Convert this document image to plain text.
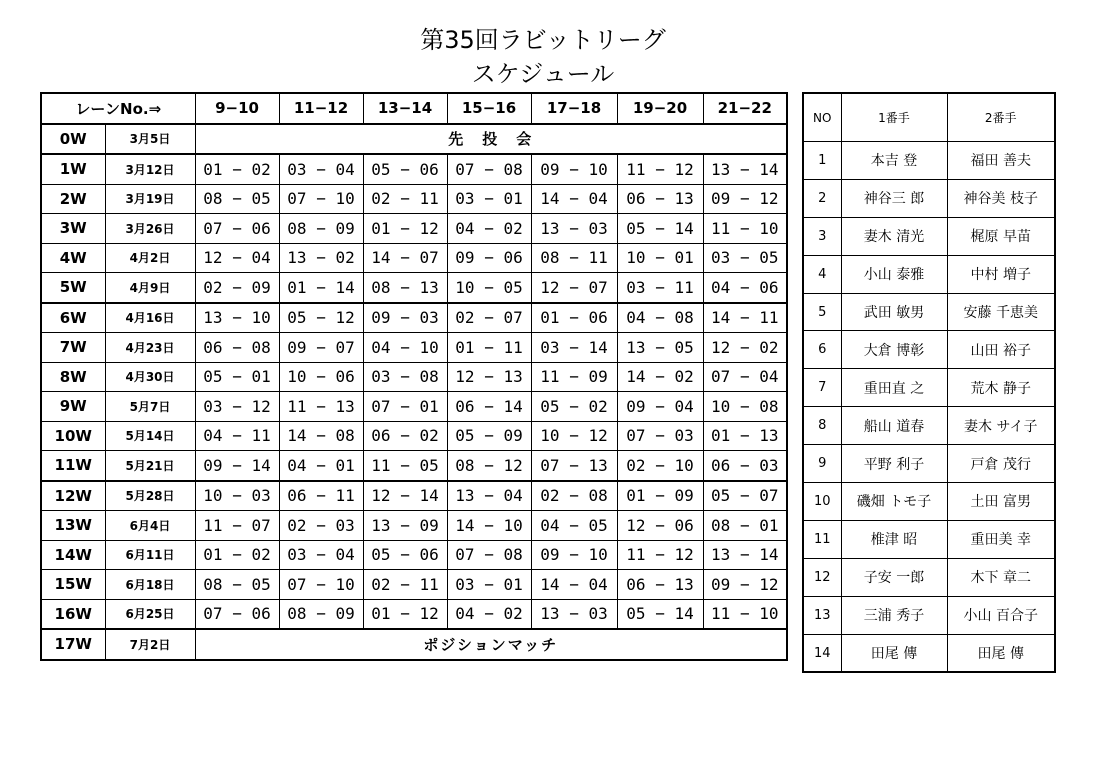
第35回ラビットリーグ
スケジュール
レーンNo.⇒		9−10	11−12	13−14	15−16	17−18	19−20	21−22
0W	3月5日	先　投　会						
1W	3月12日	01 − 02	03 − 04	05 − 06	07 − 08	09 − 10	11 − 12	13 − 14
2W	3月19日	08 − 05	07 − 10	02 − 11	03 − 01	14 − 04	06 − 13	09 − 12
3W	3月26日	07 − 06	08 − 09	01 − 12	04 − 02	13 − 03	05 − 14	11 − 10
4W	4月2日	12 − 04	13 − 02	14 − 07	09 − 06	08 − 11	10 − 01	03 − 05
5W	4月9日	02 − 09	01 − 14	08 − 13	10 − 05	12 − 07	03 − 11	04 − 06
6W	4月16日	13 − 10	05 − 12	09 − 03	02 − 07	01 − 06	04 − 08	14 − 11
7W	4月23日	06 − 08	09 − 07	04 − 10	01 − 11	03 − 14	13 − 05	12 − 02
8W	4月30日	05 − 01	10 − 06	03 − 08	12 − 13	11 − 09	14 − 02	07 − 04
9W	5月7日	03 − 12	11 − 13	07 − 01	06 − 14	05 − 02	09 − 04	10 − 08
10W	5月14日	04 − 11	14 − 08	06 − 02	05 − 09	10 − 12	07 − 03	01 − 13
11W	5月21日	09 − 14	04 − 01	11 − 05	08 − 12	07 − 13	02 − 10	06 − 03
12W	5月28日	10 − 03	06 − 11	12 − 14	13 − 04	02 − 08	01 − 09	05 − 07
13W	6月4日	11 − 07	02 − 03	13 − 09	14 − 10	04 − 05	12 − 06	08 − 01
14W	6月11日	01 − 02	03 − 04	05 − 06	07 − 08	09 − 10	11 − 12	13 − 14
15W	6月18日	08 − 05	07 − 10	02 − 11	03 − 01	14 − 04	06 − 13	09 − 12
16W	6月25日	07 − 06	08 − 09	01 − 12	04 − 02	13 − 03	05 − 14	11 − 10
17W	7月2日	ポジションマッチ						
NO	1番手	2番手
1	本吉 登	福田 善夫
2	神谷三 郎	神谷美 枝子
3	妻木 清光	梶原 早苗
4	小山 泰雅	中村 増子
5	武田 敏男	安藤 千恵美
6	大倉 博彰	山田 裕子
7	重田直 之	荒木 静子
8	船山 道春	妻木 サイ子
9	平野 利子	戸倉 茂行
10	磯畑 トモ子	土田 富男
11	椎津 昭	重田美 幸
12	子安 一郎	木下 章二
13	三浦 秀子	小山 百合子
14	田尾 傳	田尾 傳
